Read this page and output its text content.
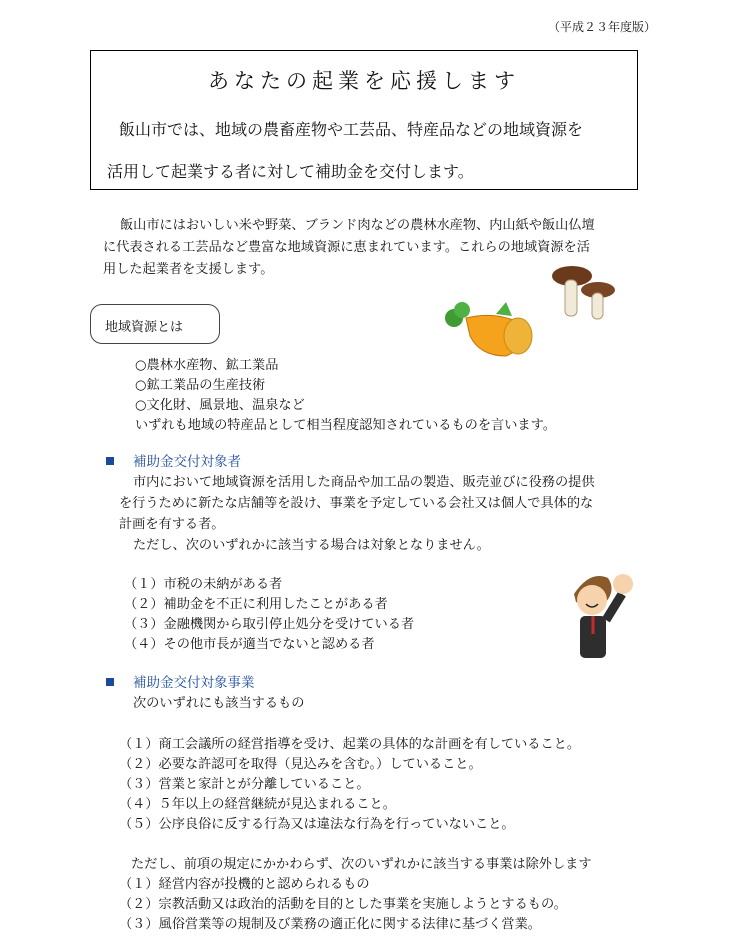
（平成２３年度版）
あなたの起業を応援します
飯山市では、地域の農畜産物や工芸品、特産品などの地域資源を
活用して起業する者に対して補助金を交付します。
飯山市にはおいしい米や野菜、ブランド肉などの農林水産物、内山紙や飯山仏壇
に代表される工芸品など豊富な地域資源に恵まれています。これらの地域資源を活
用した起業者を支援します。
地域資源とは
○農林水産物、鉱工業品
○鉱工業品の生産技術
○文化財、風景地、温泉など
いずれも地域の特産品として相当程度認知されているものを言います。
補助金交付対象者
市内において地域資源を活用した商品や加工品の製造、販売並びに役務の提供
を行うために新たな店舗等を設け、事業を予定している会社又は個人で具体的な
計画を有する者。
ただし、次のいずれかに該当する場合は対象となりません。
（１）市税の未納がある者
（２）補助金を不正に利用したことがある者
（３）金融機関から取引停止処分を受けている者
（４）その他市長が適当でないと認める者
補助金交付対象事業
次のいずれにも該当するもの
（１）商工会議所の経営指導を受け、起業の具体的な計画を有していること。
（２）必要な許認可を取得（見込みを含む。）していること。
（３）営業と家計とが分離していること。
（４）５年以上の経営継続が見込まれること。
（５）公序良俗に反する行為又は違法な行為を行っていないこと。
ただし、前項の規定にかかわらず、次のいずれかに該当する事業は除外します
（１）経営内容が投機的と認められるもの
（２）宗教活動又は政治的活動を目的とした事業を実施しようとするもの。
（３）風俗営業等の規制及び業務の適正化に関する法律に基づく営業。
